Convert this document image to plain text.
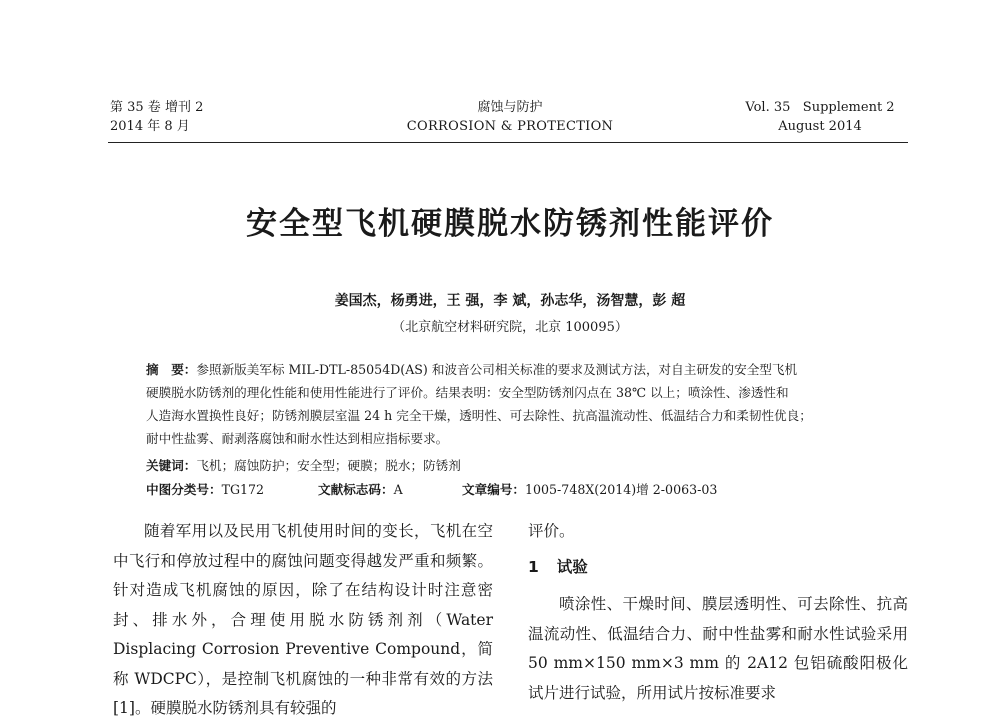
第 35 卷 增刊 2
2014 年 8 月
腐蚀与防护
CORROSION & PROTECTION
Vol. 35   Supplement 2
August 2014
安全型飞机硬膜脱水防锈剂性能评价
姜国杰，杨勇进，王 强，李 斌，孙志华，汤智慧，彭 超
（北京航空材料研究院，北京 100095）
摘　要：参照新版美军标 MIL-DTL-85054D(AS) 和波音公司相关标准的要求及测试方法，对自主研发的安全型飞机
硬膜脱水防锈剂的理化性能和使用性能进行了评价。结果表明：安全型防锈剂闪点在 38℃ 以上；喷涂性、渗透性和
人造海水置换性良好；防锈剂膜层室温 24 h 完全干燥，透明性、可去除性、抗高温流动性、低温结合力和柔韧性优良；
耐中性盐雾、耐剥落腐蚀和耐水性达到相应指标要求。
关键词：飞机；腐蚀防护；安全型；硬膜；脱水；防锈剂
中图分类号：TG172	文献标志码：A	文章编号：1005-748X(2014)增 2-0063-03

随着军用以及民用飞机使用时间的变长，飞机在空中飞行和停放过程中的腐蚀问题变得越发严重和频繁。针对造成飞机腐蚀的原因，除了在结构设计时注意密封、排水外，合理使用脱水防锈剂剂（Water Displacing Corrosion Preventive Compound，简称 WDCPC），是控制飞机腐蚀的一种非常有效的方法[1]。硬膜脱水防锈剂具有较强的

评价。

1 试验

喷涂性、干燥时间、膜层透明性、可去除性、抗高温流动性、低温结合力、耐中性盐雾和耐水性试验采用 50 mm×150 mm×3 mm 的 2A12 包铝硫酸阳极化试片进行试验，所用试片按标准要求
